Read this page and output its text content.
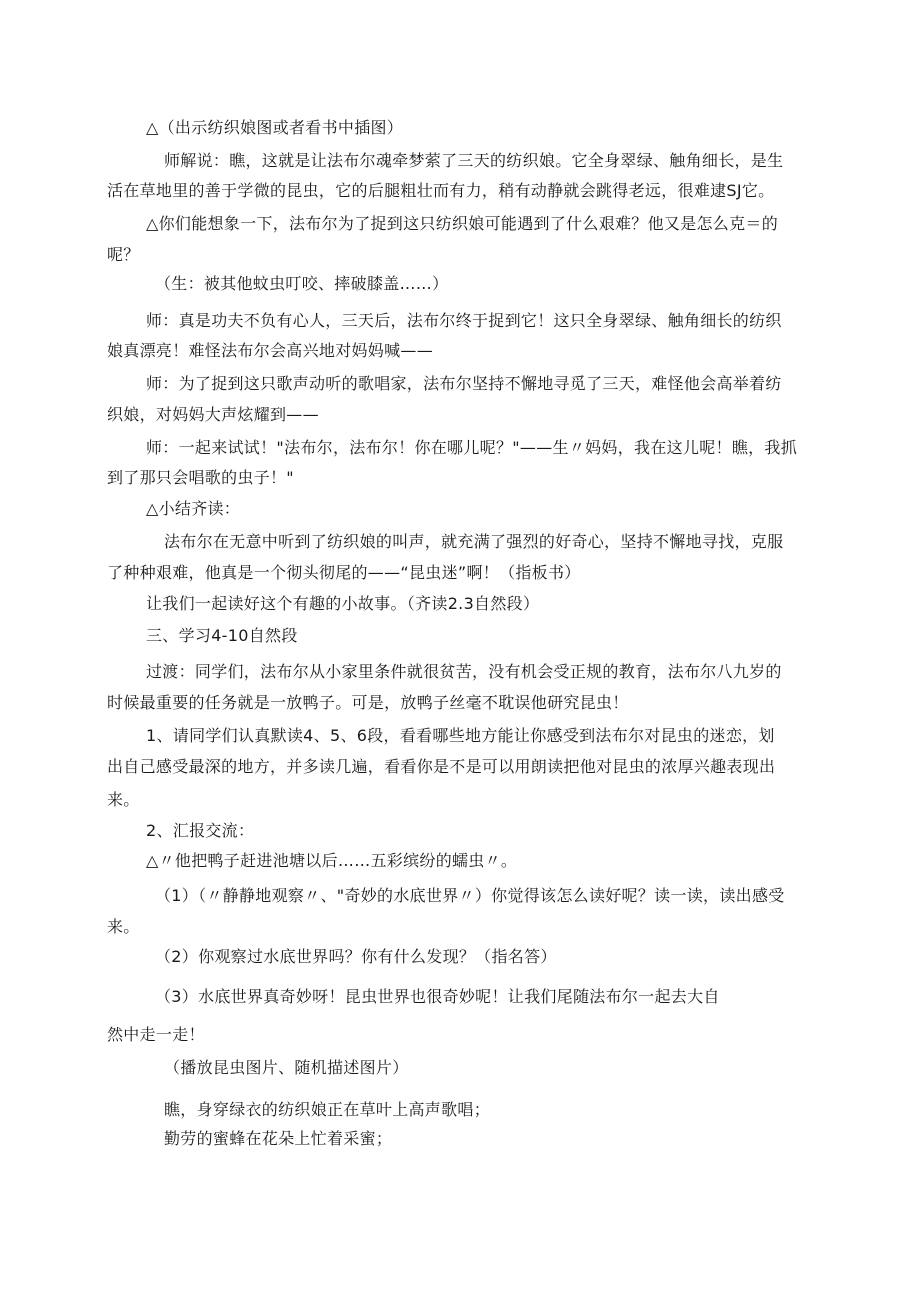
△（出示纺织娘图或者看书中插图）
师解说：瞧，这就是让法布尔魂牵梦萦了三天的纺织娘。它全身翠绿、触角细长，是生
活在草地里的善于学微的昆虫，它的后腿粗壮而有力，稍有动静就会跳得老远，很难逮SJ它。
△你们能想象一下，法布尔为了捉到这只纺织娘可能遇到了什么艰难？他又是怎么克＝的
呢？
（生：被其他蚊虫叮咬、摔破膝盖……）
师：真是功夫不负有心人，三天后，法布尔终于捉到它！这只全身翠绿、触角细长的纺织
娘真漂亮！难怪法布尔会高兴地对妈妈喊——
师：为了捉到这只歌声动听的歌唱家，法布尔坚持不懈地寻觅了三天，难怪他会高举着纺
织娘，对妈妈大声炫耀到——
师：一起来试试！"法布尔，法布尔！你在哪儿呢？"——生〃妈妈，我在这儿呢！瞧，我抓
到了那只会唱歌的虫子！"
△小结齐读：
法布尔在无意中听到了纺织娘的叫声，就充满了强烈的好奇心，坚持不懈地寻找，克服
了种种艰难，他真是一个彻头彻尾的——“昆虫迷”啊！（指板书）
让我们一起读好这个有趣的小故事。（齐读2.3自然段）
三、学习4-10自然段
过渡：同学们，法布尔从小家里条件就很贫苦，没有机会受正规的教育，法布尔八九岁的
时候最重要的任务就是一放鸭子。可是，放鸭子丝毫不耽误他研究昆虫！
1、请同学们认真默读4、5、6段，看看哪些地方能让你感受到法布尔对昆虫的迷恋，划
出自己感受最深的地方，并多读几遍，看看你是不是可以用朗读把他对昆虫的浓厚兴趣表现出
来。
2、汇报交流：
△〃他把鸭子赶进池塘以后……五彩缤纷的蠕虫〃。
（1）（〃静静地观察〃、"奇妙的水底世界〃）你觉得该怎么读好呢？读一读，读出感受
来。
（2）你观察过水底世界吗？你有什么发现？（指名答）
（3）水底世界真奇妙呀！昆虫世界也很奇妙呢！让我们尾随法布尔一起去大自
然中走一走！
（播放昆虫图片、随机描述图片）
瞧，身穿绿衣的纺织娘正在草叶上高声歌唱；
勤劳的蜜蜂在花朵上忙着采蜜；
